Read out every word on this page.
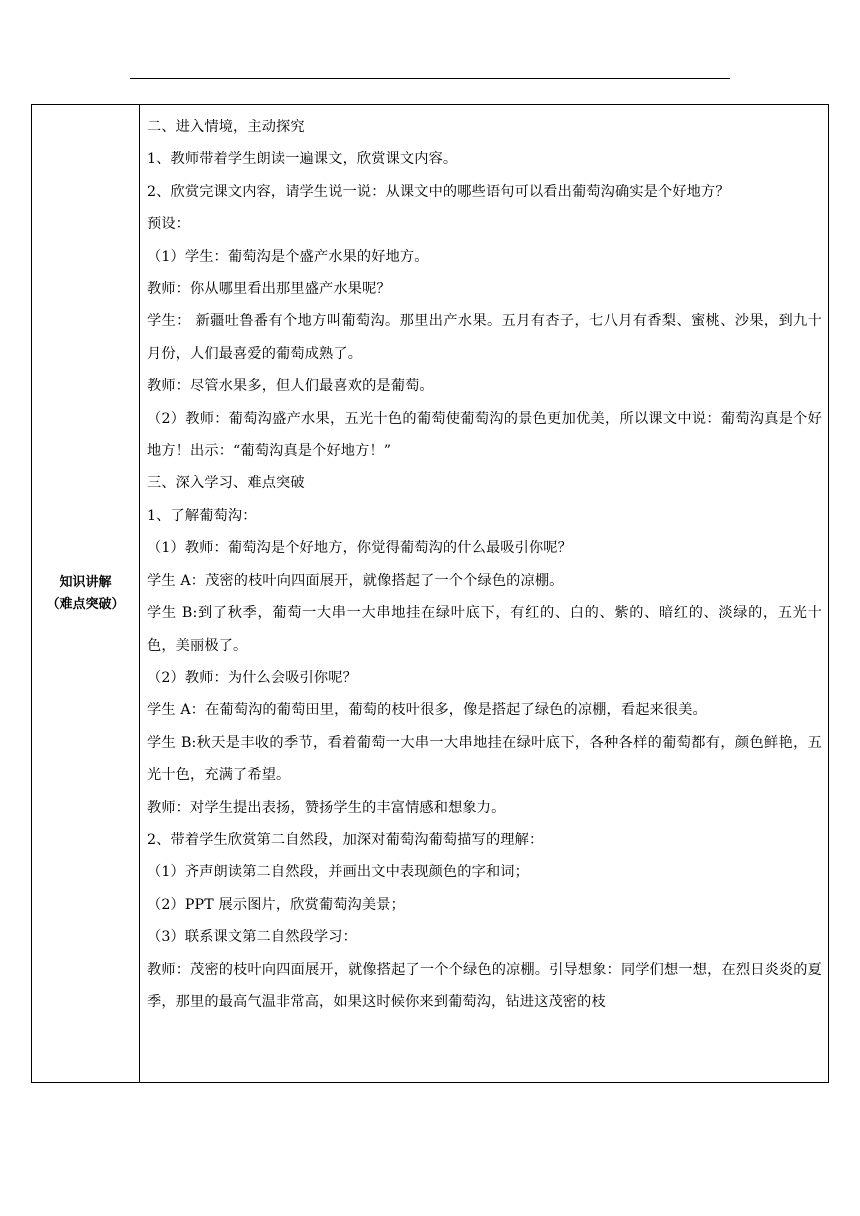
知识讲解
（难点突破）

二、进入情境，主动探究

1、教师带着学生朗读一遍课文，欣赏课文内容。

2、欣赏完课文内容，请学生说一说：从课文中的哪些语句可以看出葡萄沟确实是个好地方？

预设：

（1）学生：葡萄沟是个盛产水果的好地方。

教师：你从哪里看出那里盛产水果呢？

学生： 新疆吐鲁番有个地方叫葡萄沟。那里出产水果。五月有杏子，七八月有香梨、蜜桃、沙果，到九十月份，人们最喜爱的葡萄成熟了。

教师：尽管水果多，但人们最喜欢的是葡萄。

（2）教师：葡萄沟盛产水果，五光十色的葡萄使葡萄沟的景色更加优美，所以课文中说：葡萄沟真是个好地方！出示：“葡萄沟真是个好地方！”

三、深入学习、难点突破

1、了解葡萄沟：

（1）教师：葡萄沟是个好地方，你觉得葡萄沟的什么最吸引你呢？

学生 A：茂密的枝叶向四面展开，就像搭起了一个个绿色的凉棚。

学生 B:到了秋季，葡萄一大串一大串地挂在绿叶底下，有红的、白的、紫的、暗红的、淡绿的，五光十色，美丽极了。

（2）教师：为什么会吸引你呢？

学生 A：在葡萄沟的葡萄田里，葡萄的枝叶很多，像是搭起了绿色的凉棚，看起来很美。

学生 B:秋天是丰收的季节，看着葡萄一大串一大串地挂在绿叶底下，各种各样的葡萄都有，颜色鲜艳，五光十色，充满了希望。

教师：对学生提出表扬，赞扬学生的丰富情感和想象力。

2、带着学生欣赏第二自然段，加深对葡萄沟葡萄描写的理解：

（1）齐声朗读第二自然段，并画出文中表现颜色的字和词；

（2）PPT 展示图片，欣赏葡萄沟美景；

（3）联系课文第二自然段学习：

教师：茂密的枝叶向四面展开，就像搭起了一个个绿色的凉棚。引导想象：同学们想一想，在烈日炎炎的夏季，那里的最高气温非常高，如果这时候你来到葡萄沟，钻进这茂密的枝
